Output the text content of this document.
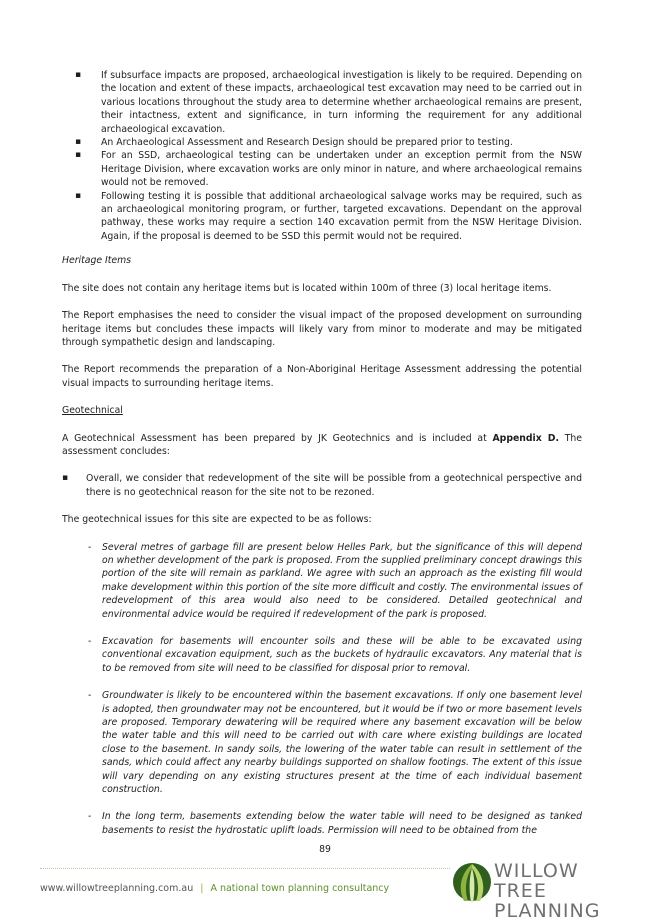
▪ If subsurface impacts are proposed, archaeological investigation is likely to be required. Depending on the location and extent of these impacts, archaeological test excavation may need to be carried out in various locations throughout the study area to determine whether archaeological remains are present, their intactness, extent and significance, in turn informing the requirement for any additional archaeological excavation.
▪ An Archaeological Assessment and Research Design should be prepared prior to testing.
▪ For an SSD, archaeological testing can be undertaken under an exception permit from the NSW Heritage Division, where excavation works are only minor in nature, and where archaeological remains would not be removed.
▪ Following testing it is possible that additional archaeological salvage works may be required, such as an archaeological monitoring program, or further, targeted excavations. Dependant on the approval pathway, these works may require a section 140 excavation permit from the NSW Heritage Division. Again, if the proposal is deemed to be SSD this permit would not be required.

Heritage Items

The site does not contain any heritage items but is located within 100m of three (3) local heritage items.

The Report emphasises the need to consider the visual impact of the proposed development on surrounding heritage items but concludes these impacts will likely vary from minor to moderate and may be mitigated through sympathetic design and landscaping.

The Report recommends the preparation of a Non-Aboriginal Heritage Assessment addressing the potential visual impacts to surrounding heritage items.

Geotechnical

A Geotechnical Assessment has been prepared by JK Geotechnics and is included at Appendix D. The assessment concludes:

▪ Overall, we consider that redevelopment of the site will be possible from a geotechnical perspective and there is no geotechnical reason for the site not to be rezoned.

The geotechnical issues for this site are expected to be as follows:

- Several metres of garbage fill are present below Helles Park, but the significance of this will depend on whether development of the park is proposed. From the supplied preliminary concept drawings this portion of the site will remain as parkland. We agree with such an approach as the existing fill would make development within this portion of the site more difficult and costly. The environmental issues of redevelopment of this area would also need to be considered. Detailed geotechnical and environmental advice would be required if redevelopment of the park is proposed.
- Excavation for basements will encounter soils and these will be able to be excavated using conventional excavation equipment, such as the buckets of hydraulic excavators. Any material that is to be removed from site will need to be classified for disposal prior to removal.
- Groundwater is likely to be encountered within the basement excavations. If only one basement level is adopted, then groundwater may not be encountered, but it would be if two or more basement levels are proposed. Temporary dewatering will be required where any basement excavation will be below the water table and this will need to be carried out with care where existing buildings are located close to the basement. In sandy soils, the lowering of the water table can result in settlement of the sands, which could affect any nearby buildings supported on shallow footings. The extent of this issue will vary depending on any existing structures present at the time of each individual basement construction.
- In the long term, basements extending below the water table will need to be designed as tanked basements to resist the hydrostatic uplift loads. Permission will need to be obtained from the
89
www.willowtreeplanning.com.au | A national town planning consultancy
WILLOW TREE
PLANNING
